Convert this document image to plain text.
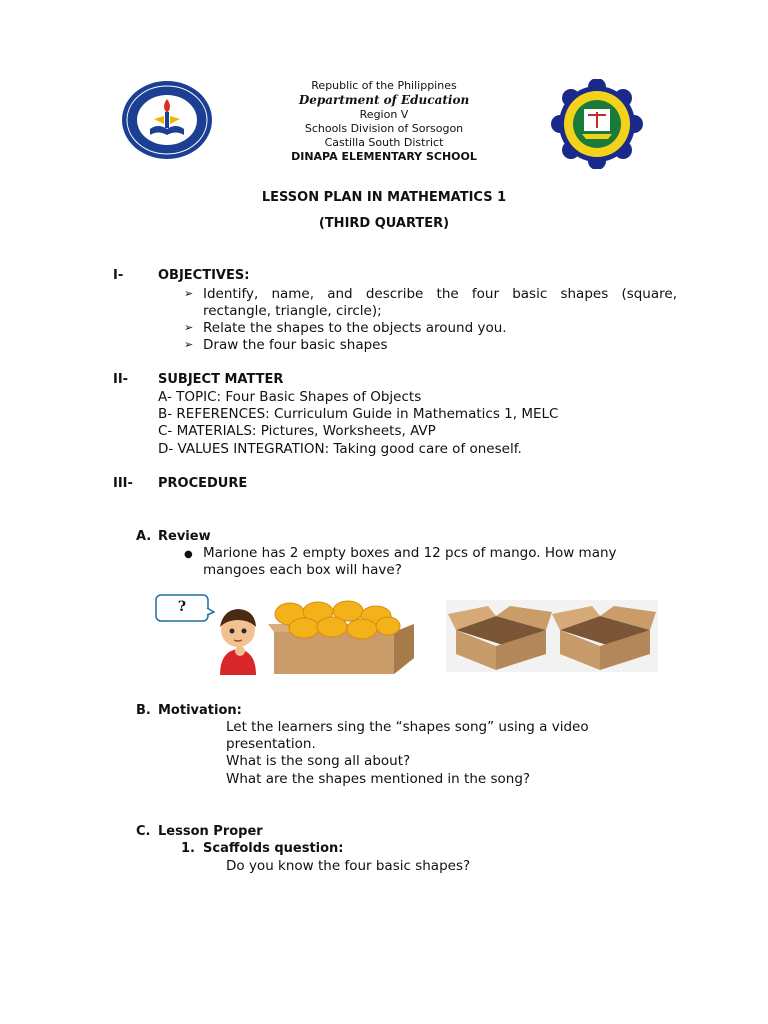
Republic of the Philippines
Department of Education
Region V
Schools Division of Sorsogon
Castilla South District
DINAPA ELEMENTARY SCHOOL
LESSON PLAN IN MATHEMATICS 1
(THIRD QUARTER)
I-	OBJECTIVES:
➢ Identify, name, and describe the four basic shapes (square, rectangle, triangle, circle);
➢ Relate the shapes to the objects around you.
➢ Draw the four basic shapes
II- SUBJECT MATTER
A- TOPIC: Four Basic Shapes of Objects
B- REFERENCES: Curriculum Guide in Mathematics 1, MELC
C- MATERIALS: Pictures, Worksheets, AVP
D- VALUES INTEGRATION: Taking good care of oneself.
III- PROCEDURE
A. Review
● Marione has 2 empty boxes and 12 pcs of mango. How many mangoes each box will have?
?
B. Motivation:
Let the learners sing the “shapes song” using a video presentation.
What is the song all about?
What are the shapes mentioned in the song?
C. Lesson Proper
1. Scaffolds question:
Do you know the four basic shapes?
